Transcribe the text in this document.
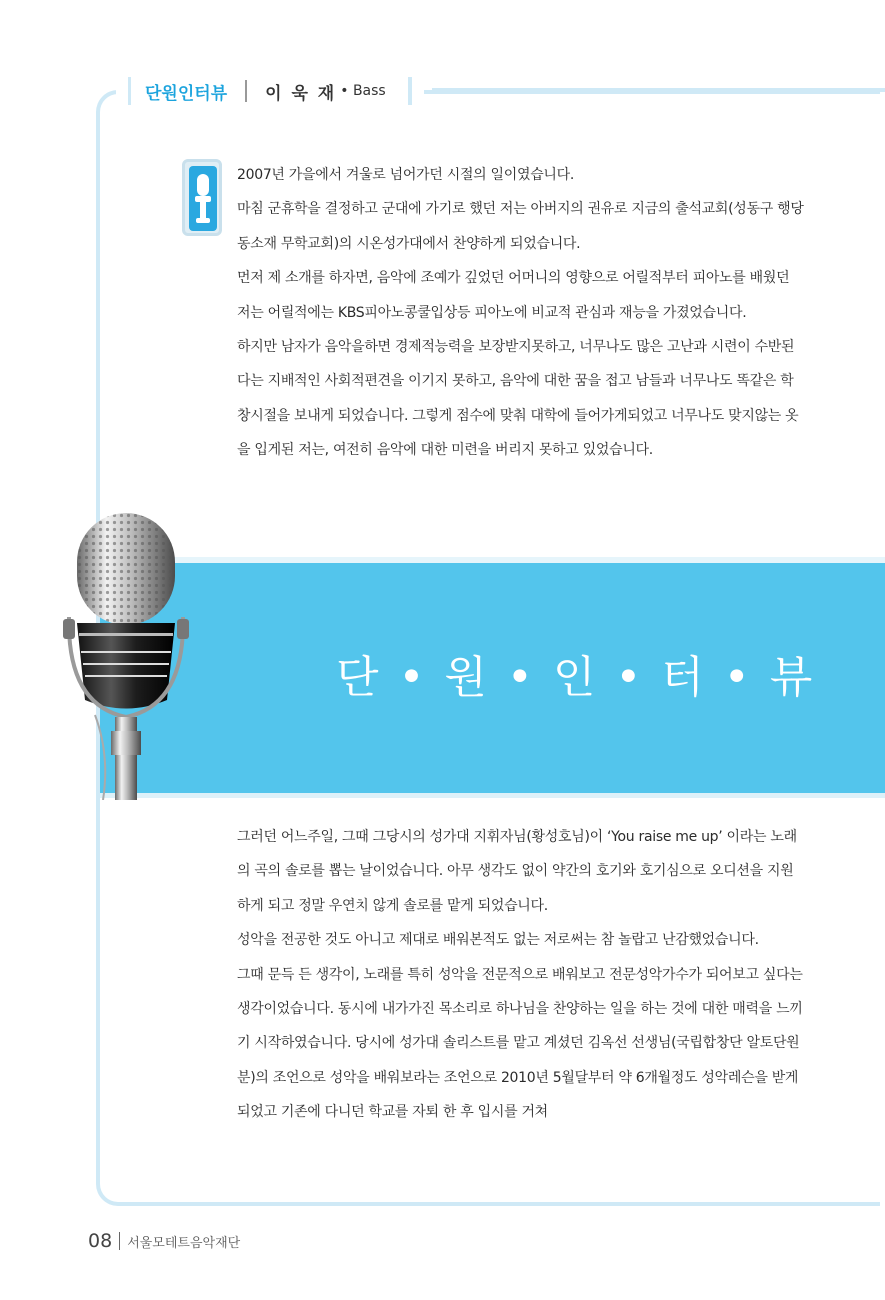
단원인터뷰 이 욱 재 • Bass

2007년 가을에서 겨울로 넘어가던 시절의 일이였습니다.

마침 군휴학을 결정하고 군대에 가기로 했던 저는 아버지의 권유로 지금의 출석교회(성동구 행당동소재 무학교회)의 시온성가대에서 찬양하게 되었습니다.

먼저 제 소개를 하자면, 음악에 조예가 깊었던 어머니의 영향으로 어릴적부터 피아노를 배웠던 저는 어릴적에는 KBS피아노콩쿨입상등 피아노에 비교적 관심과 재능을 가졌었습니다.

하지만 남자가 음악을하면 경제적능력을 보장받지못하고, 너무나도 많은 고난과 시련이 수반된다는 지배적인 사회적편견을 이기지 못하고, 음악에 대한 꿈을 접고 남들과 너무나도 똑같은 학창시절을 보내게 되었습니다. 그렇게 점수에 맞춰 대학에 들어가게되었고 너무나도 맞지않는 옷을 입게된 저는, 여전히 음악에 대한 미련을 버리지 못하고 있었습니다.

단 • 원 • 인 • 터 • 뷰

그러던 어느주일, 그때 그당시의 성가대 지휘자님(황성호님)이 ‘You raise me up’ 이라는 노래의 곡의 솔로를 뽑는 날이었습니다. 아무 생각도 없이 약간의 호기와 호기심으로 오디션을 지원하게 되고 정말 우연치 않게 솔로를 맡게 되었습니다.

성악을 전공한 것도 아니고 제대로 배워본적도 없는 저로써는 참 놀랍고 난감했었습니다.

그때 문득 든 생각이, 노래를 특히 성악을 전문적으로 배워보고 전문성악가수가 되어보고 싶다는 생각이었습니다. 동시에 내가가진 목소리로 하나님을 찬양하는 일을 하는 것에 대한 매력을 느끼기 시작하였습니다. 당시에 성가대 솔리스트를 맡고 계셨던 김옥선 선생님(국립합창단 알토단원분)의 조언으로 성악을 배워보라는 조언으로 2010년 5월달부터 약 6개월정도 성악레슨을 받게되었고 기존에 다니던 학교를 자퇴 한 후 입시를 거쳐

08 서울모테트음악재단
